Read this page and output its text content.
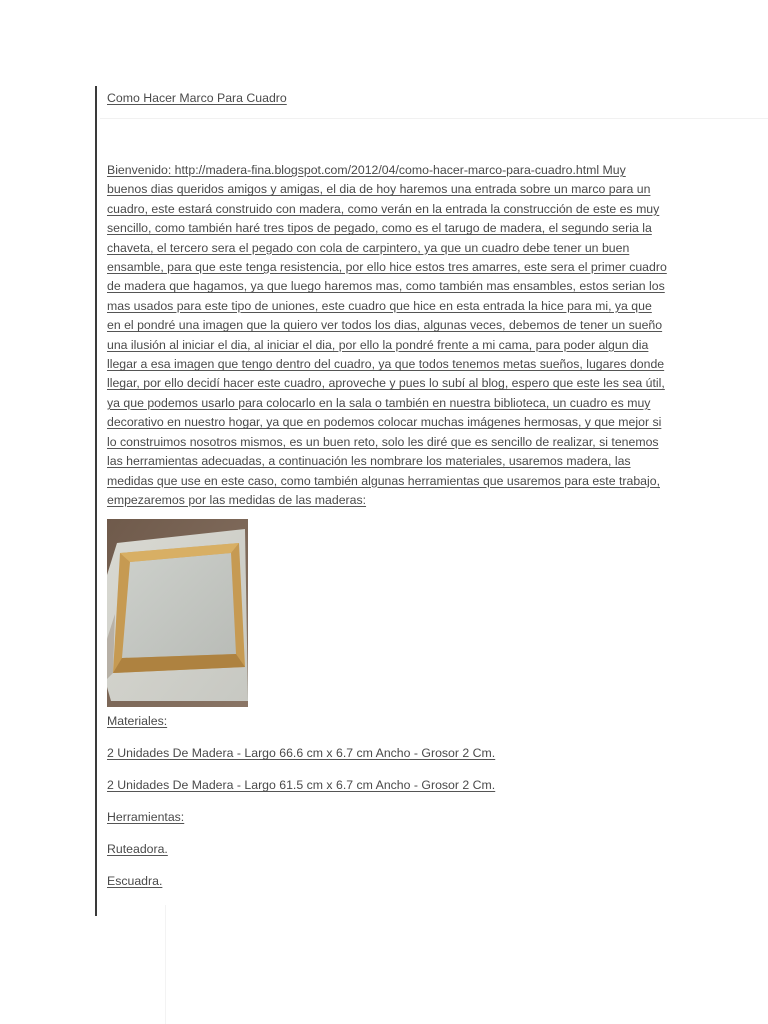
Como Hacer Marco Para Cuadro

Bienvenido: http://madera-fina.blogspot.com/2012/04/como-hacer-marco-para-cuadro.html Muy buenos dias queridos amigos y amigas, el dia de hoy haremos una entrada sobre un marco para un cuadro, este estará construido con madera, como verán en la entrada la construcción de este es muy sencillo, como también haré tres tipos de pegado, como es el tarugo de madera, el segundo seria la chaveta, el tercero sera el pegado con cola de carpintero, ya que un cuadro debe tener un buen ensamble, para que este tenga resistencia, por ello hice estos tres amarres, este sera el primer cuadro de madera que hagamos, ya que luego haremos mas, como también mas ensambles, estos serian los mas usados para este tipo de uniones, este cuadro que hice en esta entrada la hice para mi, ya que en el pondré una imagen que la quiero ver todos los dias, algunas veces, debemos de tener un sueño una ilusión al iniciar el dia, al iniciar el dia, por ello la pondré frente a mi cama, para poder algun dia llegar a esa imagen que tengo dentro del cuadro, ya que todos tenemos metas sueños, lugares donde llegar, por ello decidí hacer este cuadro, aproveche y pues lo subí al blog, espero que este les sea útil, ya que podemos usarlo para colocarlo en la sala o también en nuestra biblioteca, un cuadro es muy decorativo en nuestro hogar, ya que en podemos colocar muchas imágenes hermosas, y que mejor si lo construimos nosotros mismos, es un buen reto, solo les diré que es sencillo de realizar, si tenemos las herramientas adecuadas, a continuación les nombrare los materiales, usaremos madera, las medidas que use en este caso, como también algunas herramientas que usaremos para este trabajo, empezaremos por las medidas de las maderas:

Materiales:

2 Unidades De Madera - Largo 66.6 cm x 6.7 cm Ancho - Grosor 2 Cm.

2 Unidades De Madera - Largo 61.5 cm x 6.7 cm Ancho - Grosor 2 Cm.

Herramientas:

Ruteadora.

Escuadra.
